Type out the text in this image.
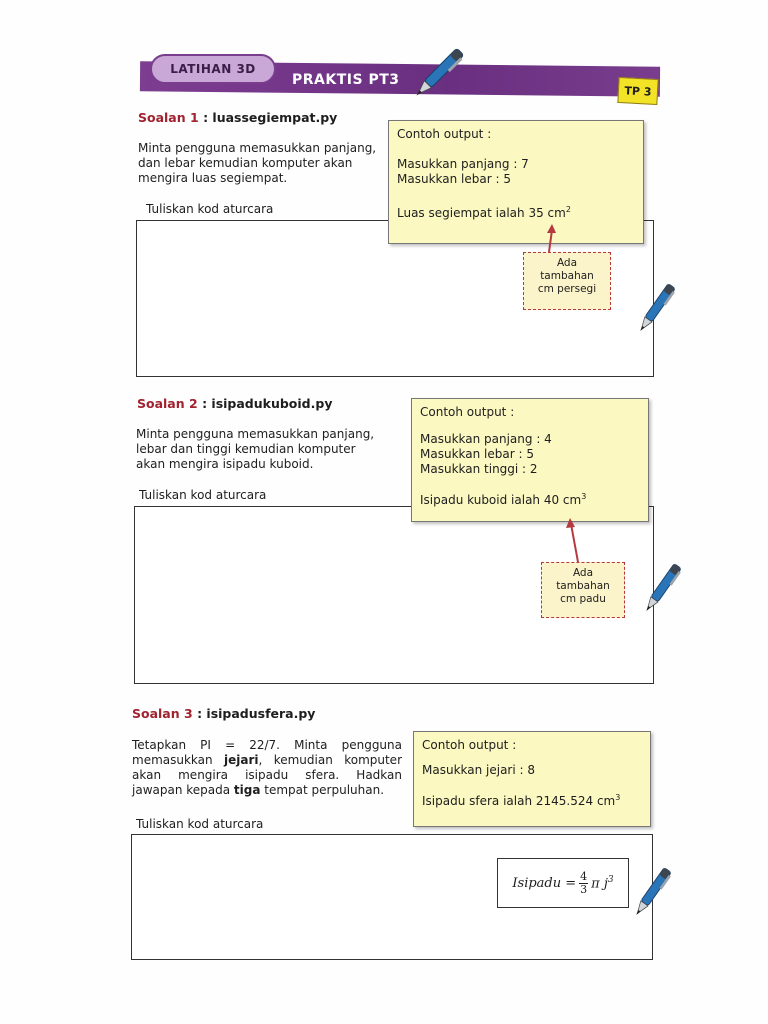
LATIHAN 3D
PRAKTIS PT3
TP 3
Soalan 1 : luassegiempat.py
Minta pengguna memasukkan panjang,
dan lebar kemudian komputer akan
mengira luas segiempat.
Tuliskan kod aturcara
Contoh output :
Masukkan panjang : 7
Masukkan lebar : 5
Luas segiempat ialah 35 $cm^2$
Ada
tambahan
cm persegi
Soalan 2 : isipadukuboid.py
Minta pengguna memasukkan panjang,
lebar dan tinggi kemudian komputer
akan mengira isipadu kuboid.
Tuliskan kod aturcara
Contoh output :
Masukkan panjang : 4
Masukkan lebar : 5
Masukkan tinggi : 2
Isipadu kuboid ialah 40 $cm^3$
Ada
tambahan
cm padu
Soalan 3 : isipadusfera.py
Tetapkan PI = 22/7. Minta pengguna memasukkan jejari, kemudian komputer akan mengira isipadu sfera. Hadkan jawapan kepada tiga tempat perpuluhan.
Tuliskan kod aturcara
Contoh output :
Masukkan jejari : 8
Isipadu sfera ialah 2145.524 $cm^3$
Isipadu = $\frac{4}{3}$ π $j^3$
